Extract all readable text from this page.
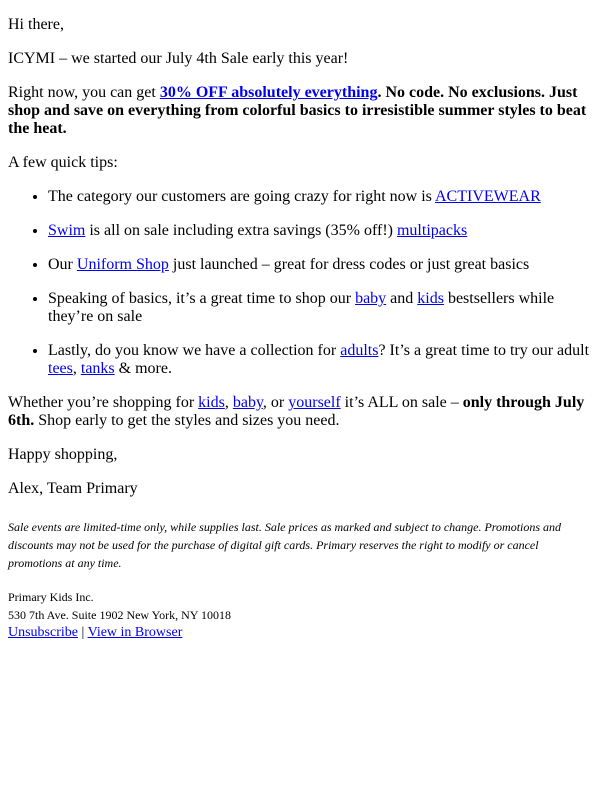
Hi there,

ICYMI – we started our July 4th Sale early this year!

Right now, you can get 30% OFF absolutely everything. No code. No exclusions. Just shop and save on everything from colorful basics to irresistible summer styles to beat the heat.

A few quick tips:

• The category our customers are going crazy for right now is ACTIVEWEAR
• Swim is all on sale including extra savings (35% off!) multipacks
• Our Uniform Shop just launched – great for dress codes or just great basics
• Speaking of basics, it’s a great time to shop our baby and kids bestsellers while they’re on sale
• Lastly, do you know we have a collection for adults? It’s a great time to try our adult tees, tanks & more.

Whether you’re shopping for kids, baby, or yourself it’s ALL on sale – only through July 6th. Shop early to get the styles and sizes you need.

Happy shopping,

Alex, Team Primary

Sale events are limited-time only, while supplies last. Sale prices as marked and subject to change. Promotions and discounts may not be used for the purchase of digital gift cards. Primary reserves the right to modify or cancel promotions at any time.

Primary Kids Inc.
530 7th Ave. Suite 1902 New York, NY 10018
Unsubscribe | View in Browser
